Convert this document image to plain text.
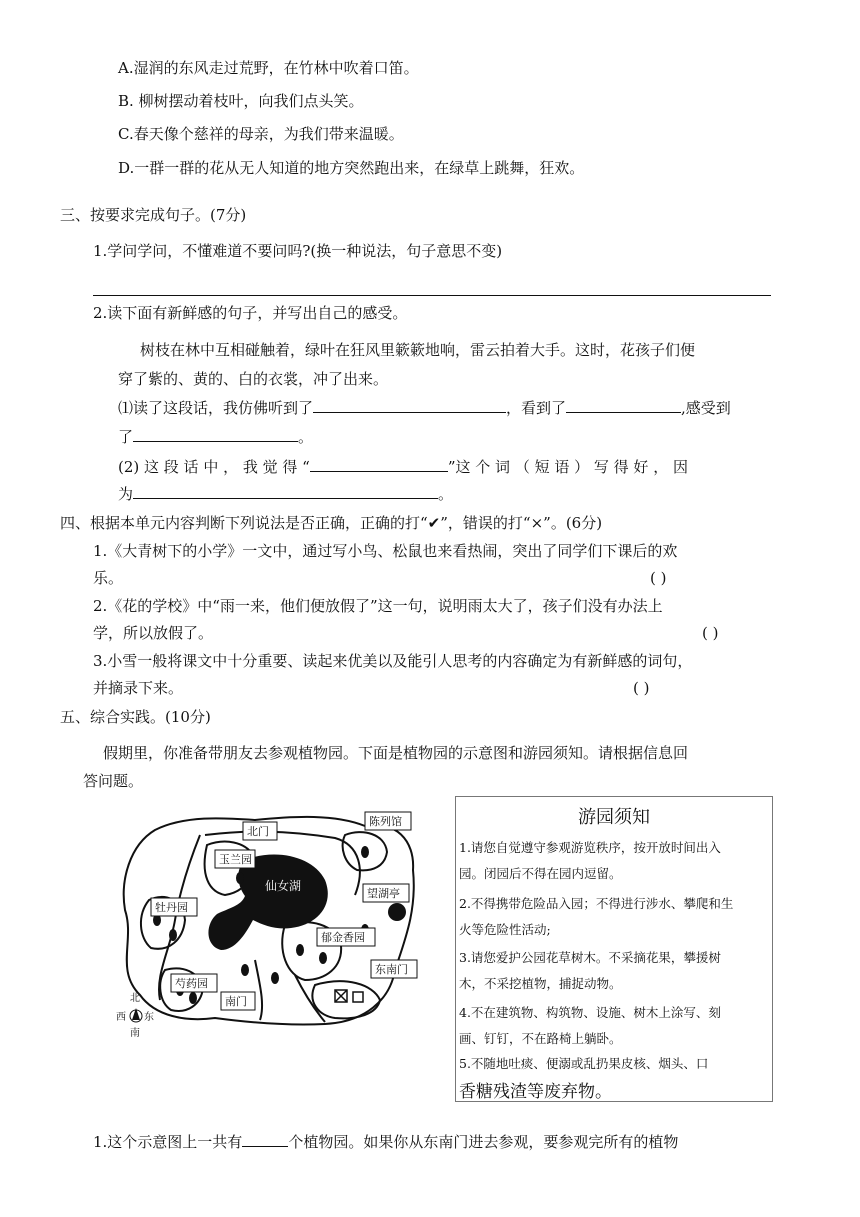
A.湿润的东风走过荒野，在竹林中吹着口笛。
B. 柳树摆动着枝叶，向我们点头笑。
C.春天像个慈祥的母亲，为我们带来温暖。
D.一群一群的花从无人知道的地方突然跑出来，在绿草上跳舞，狂欢。
三、按要求完成句子。(7分)
1.学问学问，不懂难道不要问吗?(换一种说法，句子意思不变)
2.读下面有新鲜感的句子，并写出自己的感受。
树枝在林中互相碰触着，绿叶在狂风里簌簌地响，雷云拍着大手。这时，花孩子们便
穿了紫的、黄的、白的衣裳，冲了出来。
⑴读了这段话，我仿佛听到了	，看到了	,感受到
了	。
(2) 这 段 话 中 ， 我 觉 得 “	”这 个 词 （ 短 语 ） 写 得 好 ， 因
为	。
四、根据本单元内容判断下列说法是否正确，正确的打“✔”，错误的打“×”。(6分)
1.《大青树下的小学》一文中，通过写小鸟、松鼠也来看热闹，突出了同学们下课后的欢
乐。	( )
2.《花的学校》中“雨一来，他们便放假了”这一句，说明雨太大了，孩子们没有办法上
学，所以放假了。	( )
3.小雪一般将课文中十分重要、读起来优美以及能引人思考的内容确定为有新鲜感的词句，
并摘录下来。	( )
五、综合实践。(10分)
假期里，你准备带朋友去参观植物园。下面是植物园的示意图和游园须知。请根据信息回
答问题。
北门
陈列馆
玉兰园
望湖亭
牡丹园
仙女湖
郁金香园
芍药园
东南门
南门
北
西 东
南
游园须知
1.请您自觉遵守参观游览秩序，按开放时间出入
园。闭园后不得在园内逗留。
2.不得携带危险品入园；不得进行涉水、攀爬和生
火等危险性活动;
3.请您爱护公园花草树木。不采摘花果，攀援树
木，不采挖植物，捕捉动物。
4.不在建筑物、构筑物、设施、树木上涂写、刻
画、钉钉，不在路椅上躺卧。
5.不随地吐痰、便溺或乱扔果皮核、烟头、口
香糖残渣等废弃物。
1.这个示意图上一共有	个植物园。如果你从东南门进去参观，要参观完所有的植物
